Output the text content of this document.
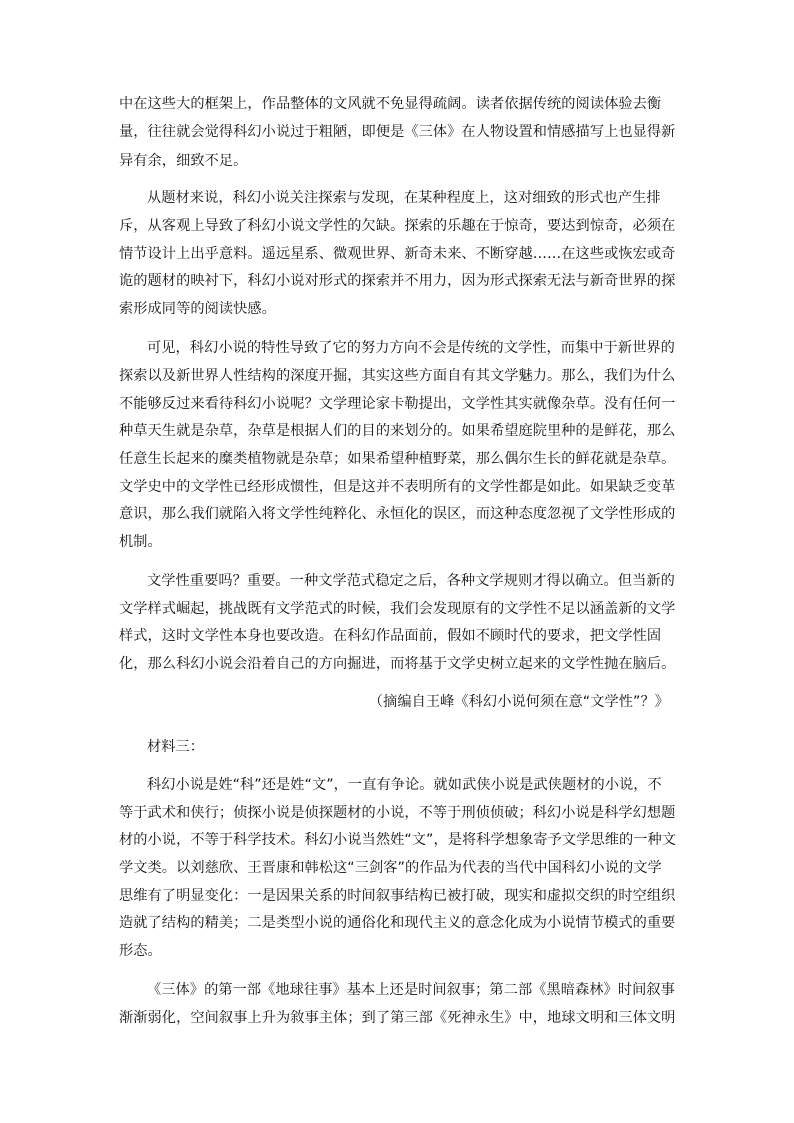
中在这些大的框架上，作品整体的文风就不免显得疏阔。读者依据传统的阅读体验去衡
量，往往就会觉得科幻小说过于粗陋，即便是《三体》在人物设置和情感描写上也显得新
异有余，细致不足。
从题材来说，科幻小说关注探索与发现，在某种程度上，这对细致的形式也产生排
斥，从客观上导致了科幻小说文学性的欠缺。探索的乐趣在于惊奇，要达到惊奇，必须在
情节设计上出乎意料。遥远星系、微观世界、新奇未来、不断穿越……在这些或恢宏或奇
诡的题材的映衬下，科幻小说对形式的探索并不用力，因为形式探索无法与新奇世界的探
索形成同等的阅读快感。
可见，科幻小说的特性导致了它的努力方向不会是传统的文学性，而集中于新世界的
探索以及新世界人性结构的深度开掘，其实这些方面自有其文学魅力。那么，我们为什么
不能够反过来看待科幻小说呢？文学理论家卡勒提出，文学性其实就像杂草。没有任何一
种草天生就是杂草，杂草是根据人们的目的来划分的。如果希望庭院里种的是鲜花，那么
任意生长起来的糜类植物就是杂草；如果希望种植野菜，那么偶尔生长的鲜花就是杂草。
文学史中的文学性已经形成惯性，但是这并不表明所有的文学性都是如此。如果缺乏变革
意识，那么我们就陷入将文学性纯粹化、永恒化的误区，而这种态度忽视了文学性形成的
机制。
文学性重要吗？重要。一种文学范式稳定之后，各种文学规则才得以确立。但当新的
文学样式崛起，挑战既有文学范式的时候，我们会发现原有的文学性不足以涵盖新的文学
样式，这时文学性本身也要改造。在科幻作品面前，假如不顾时代的要求，把文学性固
化，那么科幻小说会沿着自己的方向掘进，而将基于文学史树立起来的文学性抛在脑后。
（摘编自王峰《科幻小说何须在意“文学性”？》
材料三：
科幻小说是姓“科”还是姓“文”，一直有争论。就如武侠小说是武侠题材的小说，不
等于武术和侠行；侦探小说是侦探题材的小说，不等于刑侦侦破；科幻小说是科学幻想题
材的小说，不等于科学技术。科幻小说当然姓“文”，是将科学想象寄予文学思维的一种文
学文类。以刘慈欣、王晋康和韩松这“三剑客”的作品为代表的当代中国科幻小说的文学
思维有了明显变化：一是因果关系的时间叙事结构已被打破，现实和虚拟交织的时空组织
造就了结构的精美；二是类型小说的通俗化和现代主义的意念化成为小说情节模式的重要
形态。
《三体》的第一部《地球往事》基本上还是时间叙事；第二部《黑暗森林》时间叙事
渐渐弱化，空间叙事上升为敘事主体；到了第三部《死神永生》中，地球文明和三体文明
